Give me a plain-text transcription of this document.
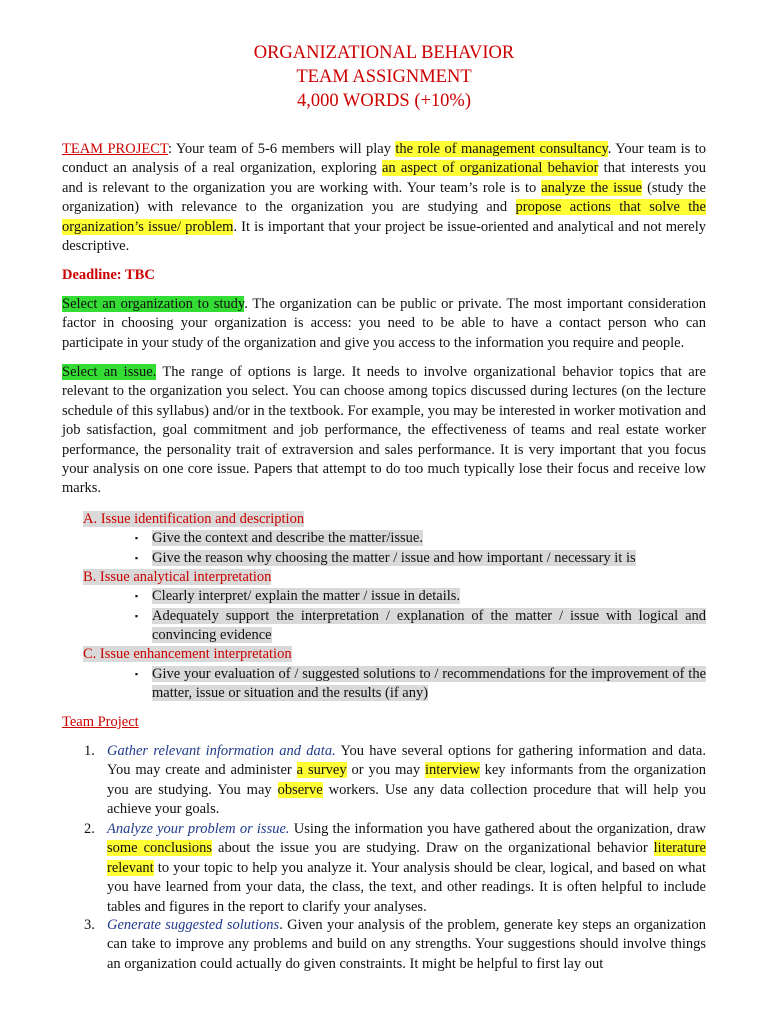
ORGANIZATIONAL BEHAVIOR
TEAM ASSIGNMENT
4,000 WORDS (+10%)
TEAM PROJECT: Your team of 5-6 members will play the role of management consultancy. Your team is to conduct an analysis of a real organization, exploring an aspect of organizational behavior that interests you and is relevant to the organization you are working with. Your team’s role is to analyze the issue (study the organization) with relevance to the organization you are studying and propose actions that solve the organization’s issue/ problem. It is important that your project be issue-oriented and analytical and not merely descriptive.
Deadline: TBC
Select an organization to study. The organization can be public or private. The most important consideration factor in choosing your organization is access: you need to be able to have a contact person who can participate in your study of the organization and give you access to the information you require and people.
Select an issue. The range of options is large. It needs to involve organizational behavior topics that are relevant to the organization you select. You can choose among topics discussed during lectures (on the lecture schedule of this syllabus) and/or in the textbook. For example, you may be interested in worker motivation and job satisfaction, goal commitment and job performance, the effectiveness of teams and real estate worker performance, the personality trait of extraversion and sales performance. It is very important that you focus your analysis on one core issue. Papers that attempt to do too much typically lose their focus and receive low marks.
A. Issue identification and description
▪ Give the context and describe the matter/issue.
▪ Give the reason why choosing the matter / issue and how important / necessary it is
B. Issue analytical interpretation
▪ Clearly interpret/ explain the matter / issue in details.
▪ Adequately support the interpretation / explanation of the matter / issue with logical and convincing evidence
C. Issue enhancement interpretation
▪ Give your evaluation of / suggested solutions to / recommendations for the improvement of the matter, issue or situation and the results (if any)
Team Project
1. Gather relevant information and data. You have several options for gathering information and data. You may create and administer a survey or you may interview key informants from the organization you are studying. You may observe workers. Use any data collection procedure that will help you achieve your goals.
2. Analyze your problem or issue. Using the information you have gathered about the organization, draw some conclusions about the issue you are studying. Draw on the organizational behavior literature relevant to your topic to help you analyze it. Your analysis should be clear, logical, and based on what you have learned from your data, the class, the text, and other readings. It is often helpful to include tables and figures in the report to clarify your analyses.
3. Generate suggested solutions. Given your analysis of the problem, generate key steps an organization can take to improve any problems and build on any strengths. Your suggestions should involve things an organization could actually do given constraints. It might be helpful to first lay out
